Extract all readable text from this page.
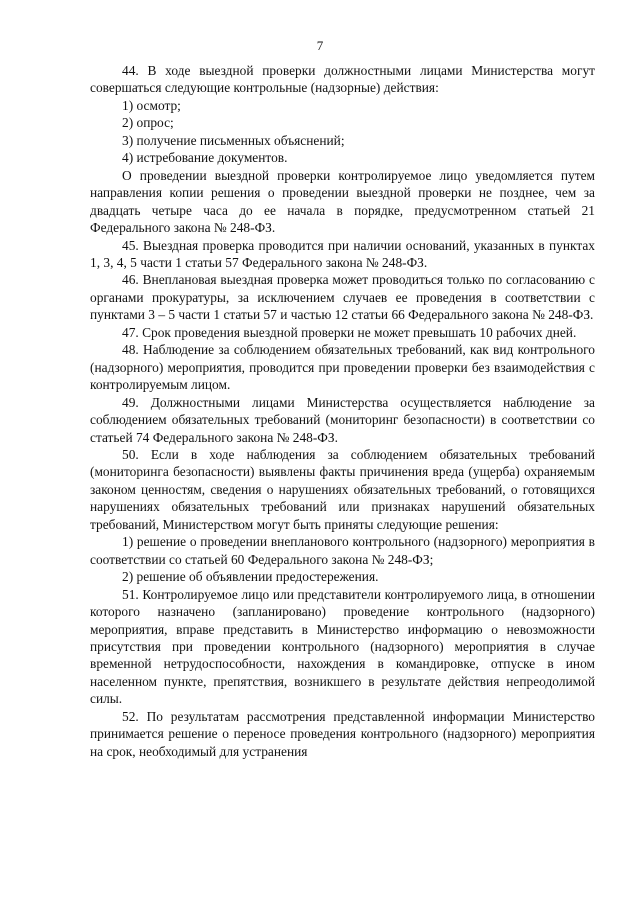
7

44. В ходе выездной проверки должностными лицами Министерства могут совершаться следующие контрольные (надзорные) действия:

1) осмотр;

2) опрос;

3) получение письменных объяснений;

4) истребование документов.

О проведении выездной проверки контролируемое лицо уведомляется путем направления копии решения о проведении выездной проверки не позднее, чем за двадцать четыре часа до ее начала в порядке, предусмотренном статьей 21 Федерального закона № 248-ФЗ.

45. Выездная проверка проводится при наличии оснований, указанных в пунктах 1, 3, 4, 5 части 1 статьи 57 Федерального закона № 248-ФЗ.

46. Внеплановая выездная проверка может проводиться только по согласованию с органами прокуратуры, за исключением случаев ее проведения в соответствии с пунктами 3 – 5 части 1 статьи 57 и частью 12 статьи 66 Федерального закона № 248-ФЗ.

47. Срок проведения выездной проверки не может превышать 10 рабочих дней.

48. Наблюдение за соблюдением обязательных требований, как вид контрольного (надзорного) мероприятия, проводится при проведении проверки без взаимодействия с контролируемым лицом.

49. Должностными лицами Министерства осуществляется наблюдение за соблюдением обязательных требований (мониторинг безопасности) в соответствии со статьей 74 Федерального закона № 248-ФЗ.

50. Если в ходе наблюдения за соблюдением обязательных требований (мониторинга безопасности) выявлены факты причинения вреда (ущерба) охраняемым законом ценностям, сведения о нарушениях обязательных требований, о готовящихся нарушениях обязательных требований или признаках нарушений обязательных требований, Министерством могут быть приняты следующие решения:

1) решение о проведении внепланового контрольного (надзорного) мероприятия в соответствии со статьей 60 Федерального закона № 248-ФЗ;

2) решение об объявлении предостережения.

51. Контролируемое лицо или представители контролируемого лица, в отношении которого назначено (запланировано) проведение контрольного (надзорного) мероприятия, вправе представить в Министерство информацию о невозможности присутствия при проведении контрольного (надзорного) мероприятия в случае временной нетрудоспособности, нахождения в командировке, отпуске в ином населенном пункте, препятствия, возникшего в результате действия непреодолимой силы.

52. По результатам рассмотрения представленной информации Министерство принимается решение о переносе проведения контрольного (надзорного) мероприятия на срок, необходимый для устранения
